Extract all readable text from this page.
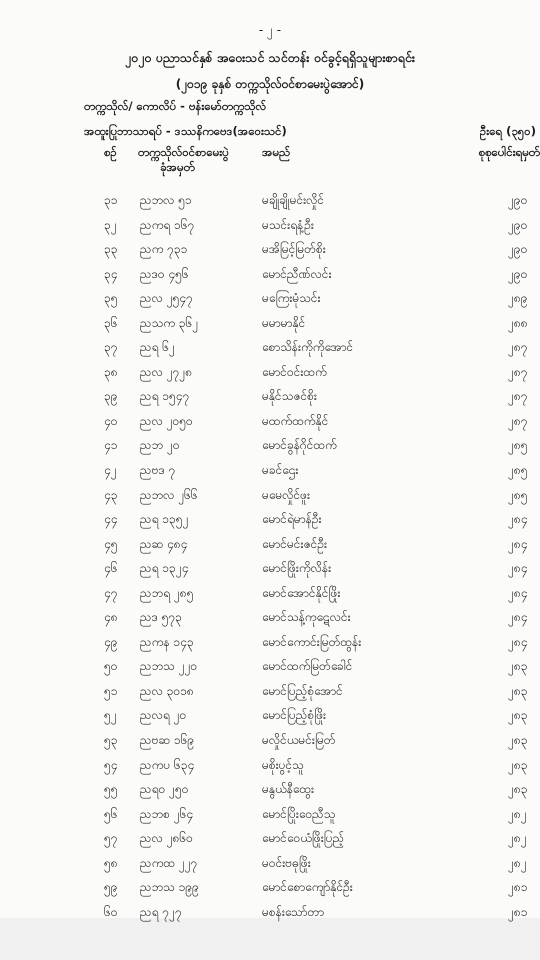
- ၂ -
၂၀၂၀ ပညာသင်နှစ် အဝေးသင် သင်တန်း ဝင်ခွင့်ရရှိသူများစာရင်း
(၂၀၁၉ ခုနှစ် တက္ကသိုလ်ဝင်စာမေးပွဲအောင်)
တက္ကသိုလ်/ ကောလိပ် - ဗန်းမော်တက္ကသိုလ်
အထူးပြုဘာသာရပ် - ဒဿနိကဗေဒ(အဝေးသင်)	ဦးရေ (၃၅၀)
စဉ် တက္ကသိုလ်ဝင်စာမေးပွဲ
ခုံအမှတ်
အမည်	စုစုပေါင်းရမှတ်
၃၁ ညဘလ ၅၁	မချိုချိုမင်းလှိုင်	၂၉၀
၃၂ ညကရ ၁၆၇	မသင်းရနံ့ဦး	၂၉၀
၃၃ ညက ၇၃၁	မအိမြင့်မြတ်စိုး	၂၉၀
၃၄ ညဒဝ ၄၅၆	မောင်ညီဏ်လင်း	၂၉၀
၃၅ ညလ ၂၅၄၇	မကြေးမုံသင်း	၂၈၉
၃၆ ညသက ၃၆၂	မမာမာနိုင်	၂၈၈
၃၇ ညရ ၆၂	စောသိန်းကိုကိုအောင်	၂၈၇
၃၈ ညလ ၂၇၂၈	မောင်ဝင်းထက်	၂၈၇
၃၉ ညရ ၁၅၄၇	မနိုင်သဇင်စိုး	၂၈၇
၄၀ ညလ ၂၀၅၀	မထက်ထက်နိုင်	၂၈၇
၄၁ ညဘ ၂၀	မောင်ခွန်ဂိုင်ထက်	၂၈၅
၄၂ ညဗဒ ၇	မခင်ဌေး	၂၈၅
၄၃ ညဘလ ၂၆၆	မမေလှိုင်ဖူး	၂၈၅
၄၄ ညရ ၁၃၅၂	မောင်ရဲမာန်ဦး	၂၈၄
၄၅ ညဆ ၄၈၄	မောင်မင်းဇင်ဦး	၂၈၄
၄၆ ညရ ၁၃၂၄	မောင်ဖြိုးကိုလိန်း	၂၈၄
၄၇ ညဘရ ၂၈၅	မောင်အောင်နိုင်ဖြိုး	၂၈၄
၄၈ ညဒ ၅၇၃	မောင်သန့်ကုဋေလင်း	၂၈၄
၄၉ ညကန ၁၄၃	မောင်ကောင်းမြတ်ထွန်း	၂၈၄
၅၀ ညဘသ ၂၂၀	မောင်ထက်မြတ်ခေါင်	၂၈၃
၅၁ ညလ ၃၀၁၈	မောင်ပြည့်စုံအောင်	၂၈၃
၅၂ ညလရ ၂၀	မောင်ပြည့်စုံဖြိုး	၂၈၃
၅၃ ညဗဆ ၁၆၉	မလှိုင်ယမင်းမြတ်	၂၈၃
၅၄ ညကပ ၆၃၄	မစိုးပွင့်သူ	၂၈၃
၅၅ ညရ၀ ၂၅၀	မနွယ်နီထွေး	၂၈၃
၅၆ ညဘစ ၂၆၄	မောင်ပြိုးဝေညီသူ	၂၈၂
၅၇ ညလ ၂၈၆၀	မောင်ဝေယံဖြိုးပြည့်	၂၈၂
၅၈ ညကထ ၂၂၇	မဝင်းဗဓုဖြိုး	၂၈၂
၅၉ ညဘသ ၁၉၉	မောင်စောကျော်နိုင်ဦး	၂၈၁
၆၀ ညရ ၇၂၇	မစန်းသော်တာ	၂၈၁
